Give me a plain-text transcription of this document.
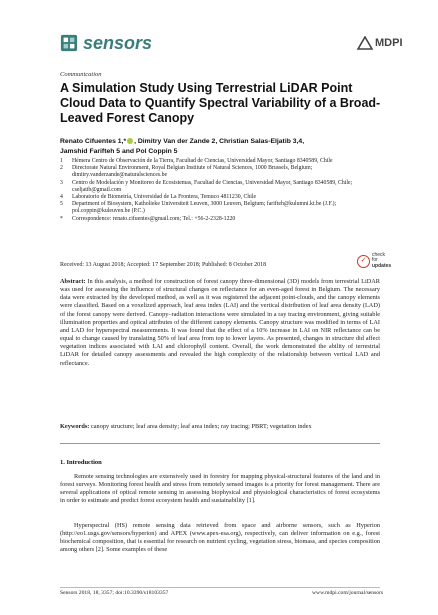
sensors	MDPI
Communication
A Simulation Study Using Terrestrial LiDAR Point Cloud Data to Quantify Spectral Variability of a Broad-Leaved Forest Canopy
Renato Cifuentes 1,* , Dimitry Van der Zande 2, Christian Salas-Eljatib 3,4,
Jamshid Farifteh 5 and Pol Coppin 5
1	Hémera Centro de Observación de la Tierra, Facultad de Ciencias, Universidad Mayor, Santiago 8340589, Chile
2	Directorate Natural Environment, Royal Belgian Institute of Natural Sciences, 1000 Brussels, Belgium; dimitry.vanderzande@naturalsciences.be
3	Centro de Modelación y Monitoreo de Ecosistemas, Facultad de Ciencias, Universidad Mayor, Santiago 8340589, Chile; cseljatib@gmail.com
4	Laboratorio de Biometría, Universidad de La Frontera, Temuco 4811230, Chile
5	Department of Biosystem, Katholieke Universiteit Leuven, 3000 Leuven, Belgium; farifteh@kulumni.kt.be (J.F.); pol.coppin@kuleuven.be (P.C.)
*	Correspondence: renato.cifuentes@gmail.com; Tel.: +56-2-2328-1220
✓
check for
updates
Received: 13 August 2018; Accepted: 17 September 2018; Published: 8 October 2018
Abstract: In this analysis, a method for construction of forest canopy three-dimensional (3D) models from terrestrial LiDAR was used for assessing the influence of structural changes on reflectance for an even-aged forest in Belgium. The necessary data were extracted by the developed method, as well as it was registered the adjacent point-clouds, and the canopy elements were classified. Based on a voxelized approach, leaf area index (LAI) and the vertical distribution of leaf area density (LAD) of the forest canopy were derived. Canopy–radiation interactions were simulated in a ray tracing environment, giving suitable illumination properties and optical attributes of the different canopy elements. Canopy structure was modified in terms of LAI and LAD for hyperspectral measurements. It was found that the effect of a 10% increase in LAI on NIR reflectance can be equal to change caused by translating 50% of leaf area from top to lower layers. As presented, changes in structure did affect vegetation indices associated with LAI and chlorophyll content. Overall, the work demonstrated the ability of terrestrial LiDAR for detailed canopy assessments and revealed the high complexity of the relationship between vertical LAD and reflectance.
Keywords: canopy structure; leaf area density; leaf area index; ray tracing; PBRT; vegetation index
1. Introduction
Remote sensing technologies are extensively used in forestry for mapping physical-structural features of the land and in forest surveys. Monitoring forest health and stress from remotely sensed images is a priority for forest management. There are several applications of optical remote sensing in assessing biophysical and physiological characteristics of forest ecosystems in order to estimate and predict forest ecosystem health and sustainability [1].
Hyperspectral (HS) remote sensing data retrieved from space and airborne sensors, such as Hyperion (http://eo1.usgs.gov/sensors/hyperion) and APEX (www.apex-esa.org), respectively, can deliver information on e.g., forest biochemical composition, that is essential for research on nutrient cycling, vegetation stress, biomass, and species composition among others [2]. Some examples of these
Sensors 2018, 18, 3357; doi:10.3390/s18103357	www.mdpi.com/journal/sensors
